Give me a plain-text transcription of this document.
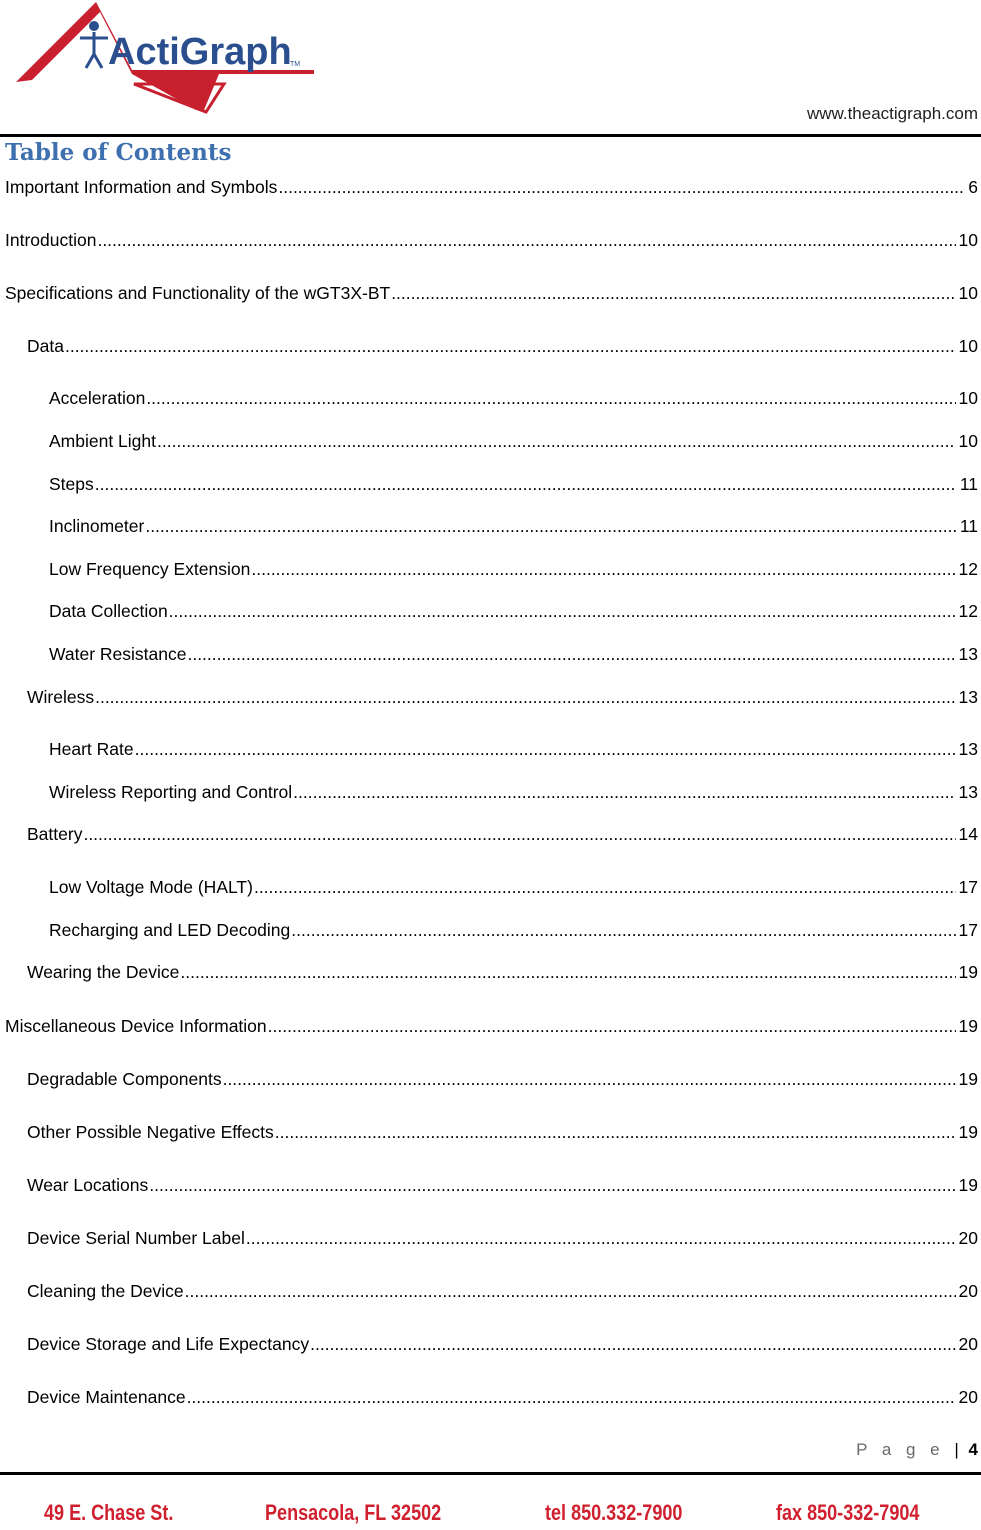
ActiGraph
TM
www.theactigraph.com
Table of Contents
Important Information and Symbols .....	6
Introduction .....	10
Specifications and Functionality of the wGT3X-BT .....	10
Data .....	10
Acceleration .....	10
Ambient Light .....	10
Steps .....	11
Inclinometer .....	11
Low Frequency Extension .....	12
Data Collection .....	12
Water Resistance .....	13
Wireless .....	13
Heart Rate .....	13
Wireless Reporting and Control .....	13
Battery .....	14
Low Voltage Mode (HALT) .....	17
Recharging and LED Decoding .....	17
Wearing the Device .....	19
Miscellaneous Device Information .....	19
Degradable Components .....	19
Other Possible Negative Effects .....	19
Wear Locations .....	19
Device Serial Number Label .....	20
Cleaning the Device .....	20
Device Storage and Life Expectancy .....	20
Device Maintenance .....	20
P a g e | 4
49 E. Chase St.	Pensacola, FL 32502	tel 850.332-7900	fax 850-332-7904
